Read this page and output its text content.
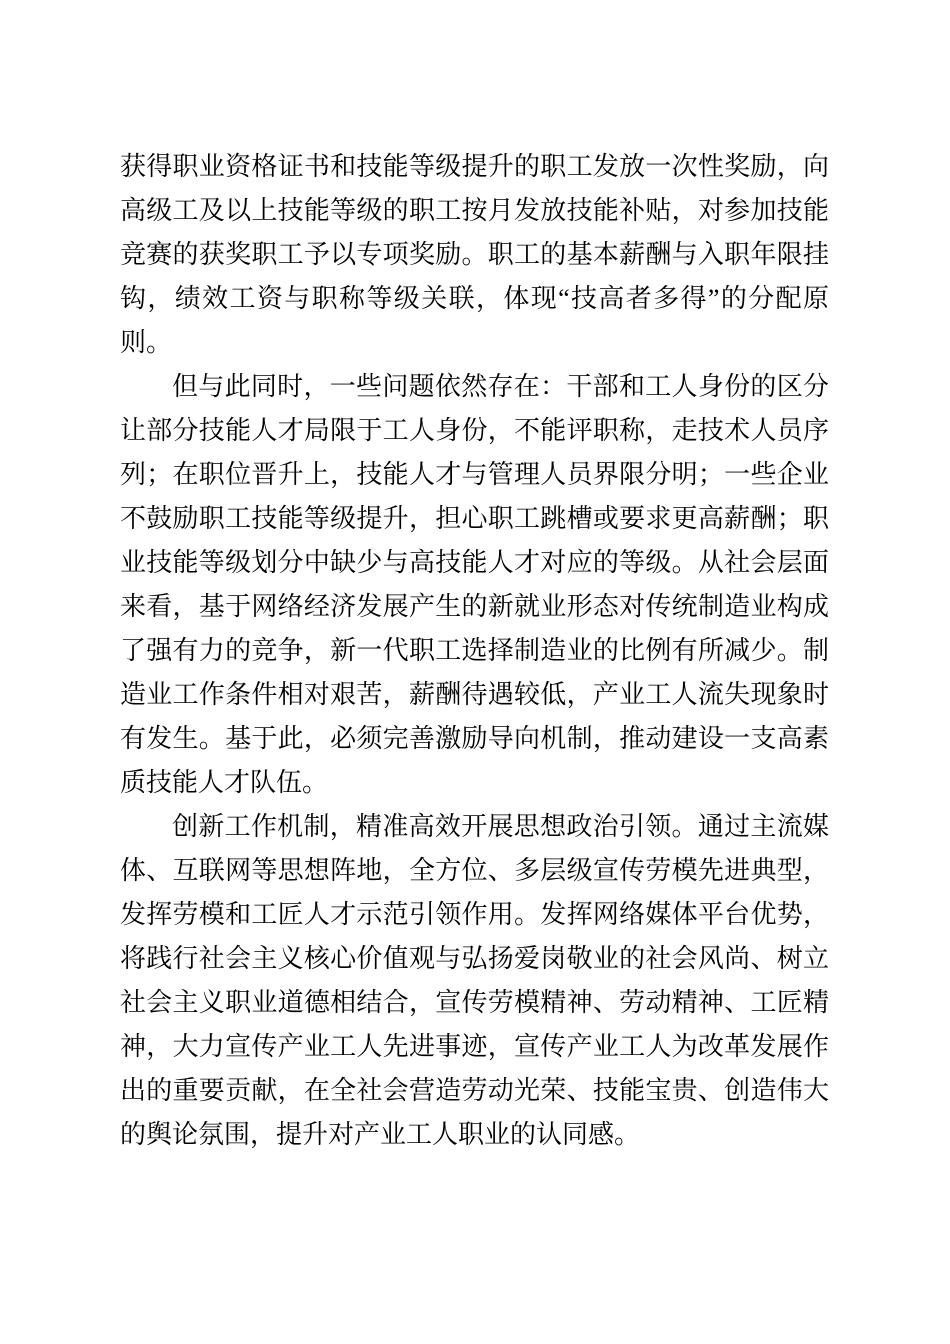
获得职业资格证书和技能等级提升的职工发放一次性奖励，向高级工及以上技能等级的职工按月发放技能补贴，对参加技能竞赛的获奖职工予以专项奖励。职工的基本薪酬与入职年限挂钩，绩效工资与职称等级关联，体现“技高者多得”的分配原则。

但与此同时，一些问题依然存在：干部和工人身份的区分让部分技能人才局限于工人身份，不能评职称，走技术人员序列；在职位晋升上，技能人才与管理人员界限分明；一些企业不鼓励职工技能等级提升，担心职工跳槽或要求更高薪酬；职业技能等级划分中缺少与高技能人才对应的等级。从社会层面来看，基于网络经济发展产生的新就业形态对传统制造业构成了强有力的竞争，新一代职工选择制造业的比例有所减少。制造业工作条件相对艰苦，薪酬待遇较低，产业工人流失现象时有发生。基于此，必须完善激励导向机制，推动建设一支高素质技能人才队伍。

创新工作机制，精准高效开展思想政治引领。通过主流媒体、互联网等思想阵地，全方位、多层级宣传劳模先进典型，发挥劳模和工匠人才示范引领作用。发挥网络媒体平台优势，将践行社会主义核心价值观与弘扬爱岗敬业的社会风尚、树立社会主义职业道德相结合，宣传劳模精神、劳动精神、工匠精神，大力宣传产业工人先进事迹，宣传产业工人为改革发展作出的重要贡献，在全社会营造劳动光荣、技能宝贵、创造伟大的舆论氛围，提升对产业工人职业的认同感。
